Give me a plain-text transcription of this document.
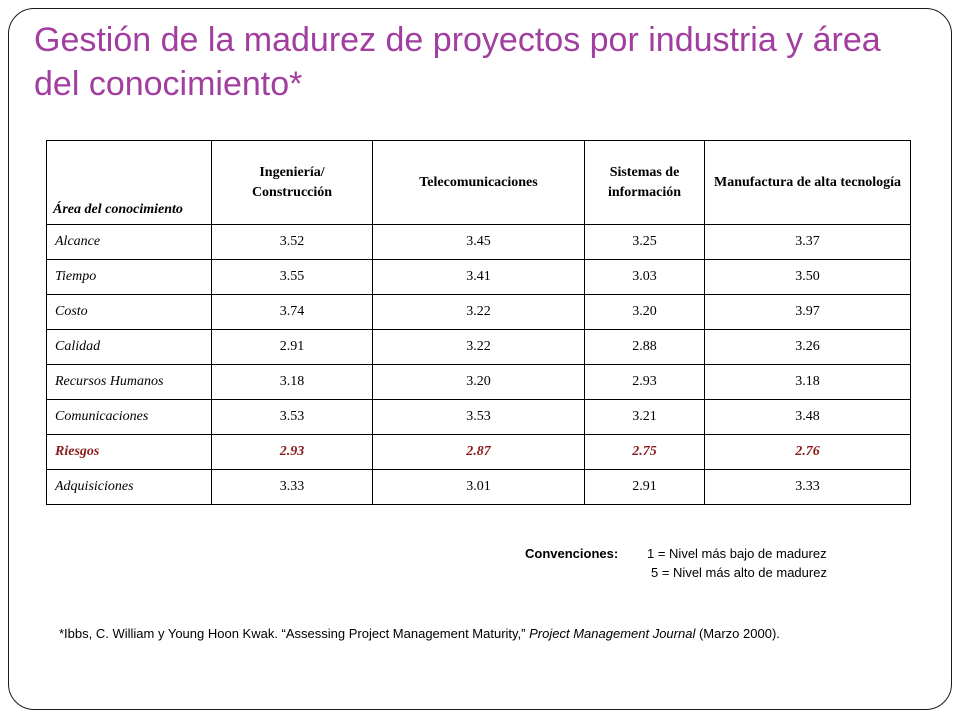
Gestión de la madurez de proyectos por industria y área del conocimiento*
Área del conocimiento	Ingeniería/ Construcción	Telecomunicaciones	Sistemas de información	Manufactura de alta tecnología
Alcance	3.52	3.45	3.25	3.37
Tiempo	3.55	3.41	3.03	3.50
Costo	3.74	3.22	3.20	3.97
Calidad	2.91	3.22	2.88	3.26
Recursos Humanos	3.18	3.20	2.93	3.18
Comunicaciones	3.53	3.53	3.21	3.48
Riesgos	2.93	2.87	2.75	2.76
Adquisiciones	3.33	3.01	2.91	3.33
Convenciones: 1 = Nivel más bajo de madurez
5 = Nivel más alto de madurez
*Ibbs, C. William y Young Hoon Kwak. “Assessing Project Management Maturity,” Project Management Journal (Marzo 2000).
